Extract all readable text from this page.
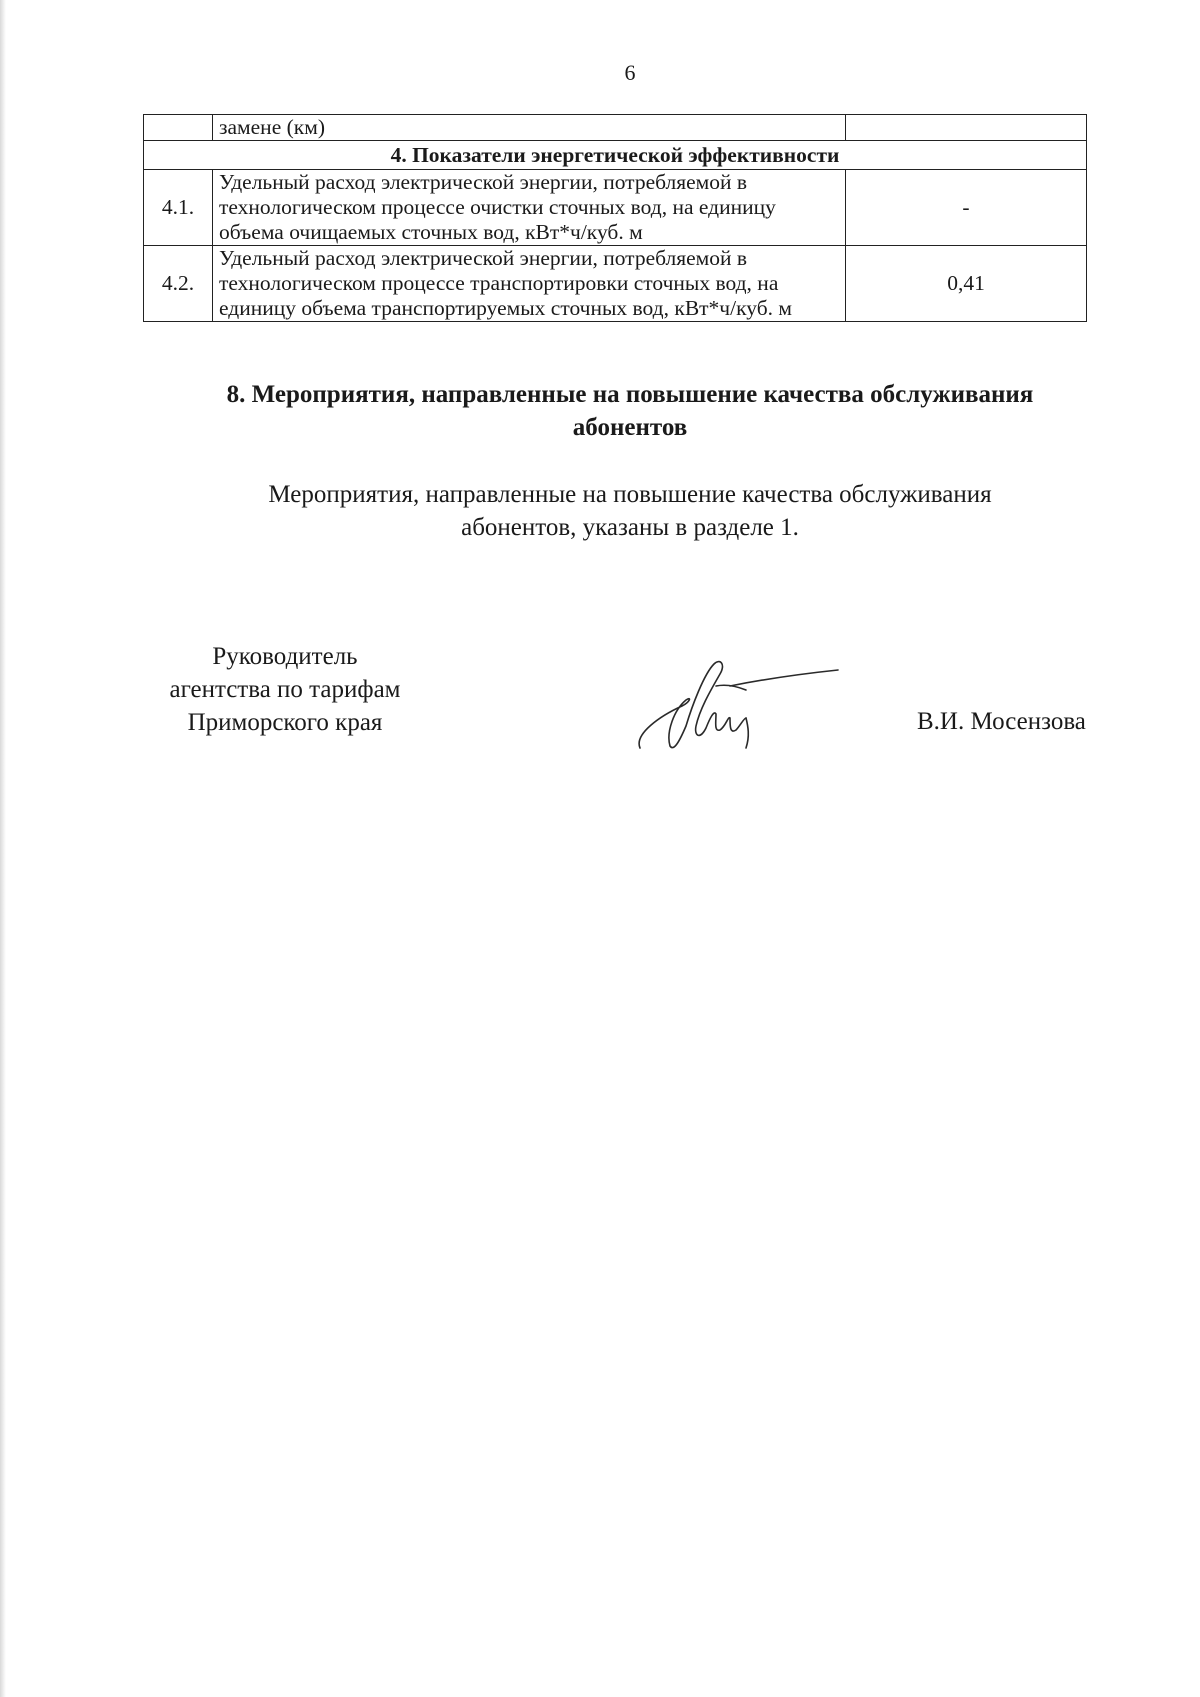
6
	замене (км)	
4. Показатели энергетической эффективности		
4.1.	Удельный расход электрической энергии, потребляемой в технологическом процессе очистки сточных вод, на единицу объема очищаемых сточных вод, кВт*ч/куб. м	-
4.2.	Удельный расход электрической энергии, потребляемой в технологическом процессе транспортировки сточных вод, на единицу объема транспортируемых сточных вод, кВт*ч/куб. м	0,41
8. Мероприятия, направленные на повышение качества обслуживания
абонентов
Мероприятия, направленные на повышение качества обслуживания
абонентов, указаны в разделе 1.
Руководитель
агентства по тарифам
Приморского края	В.И. Мосензова
